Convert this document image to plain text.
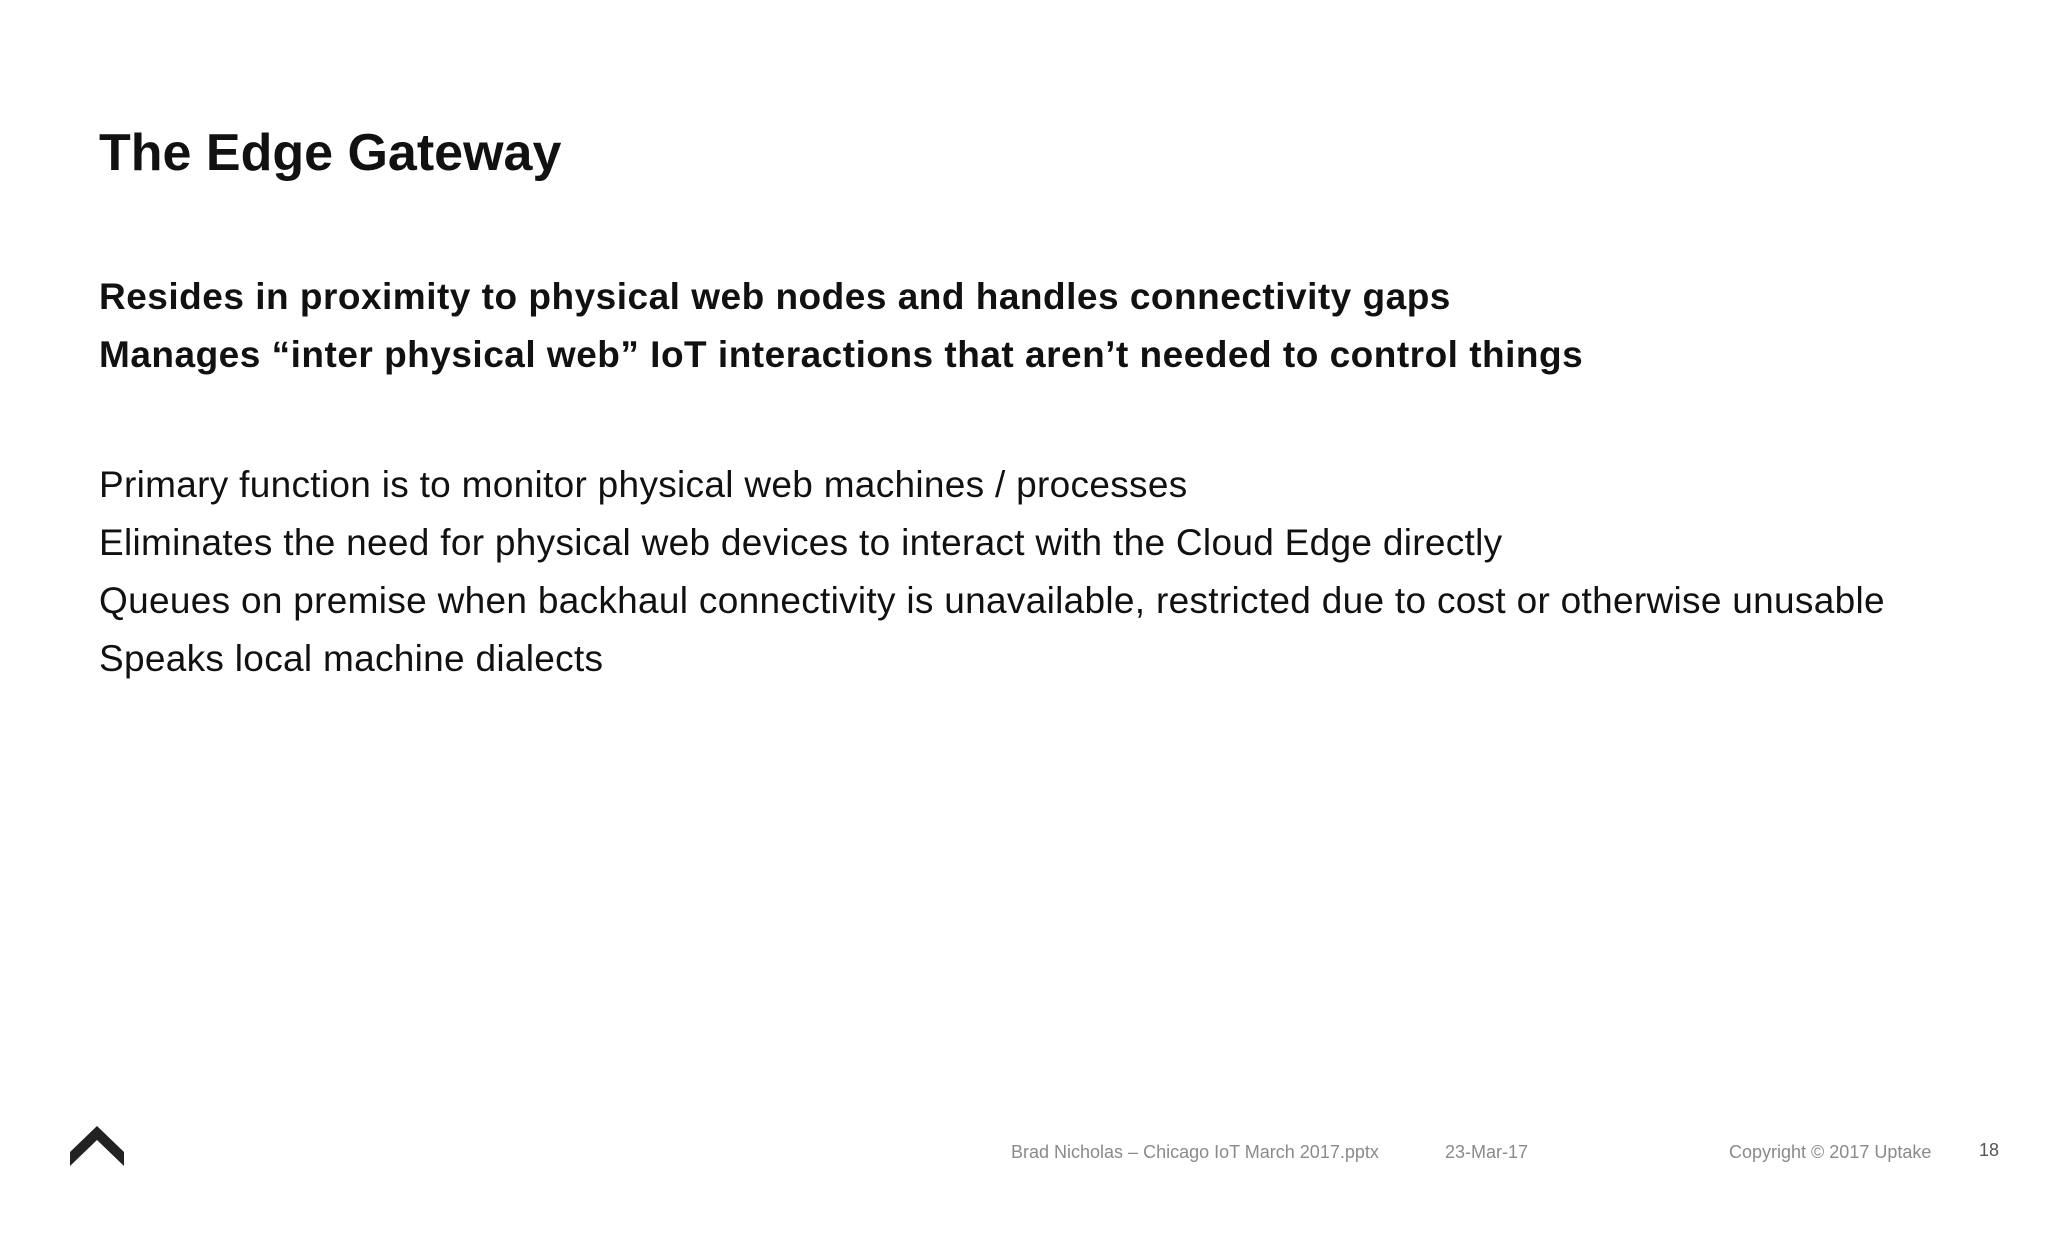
The Edge Gateway
Resides in proximity to physical web nodes and handles connectivity gaps
Manages “inter physical web” IoT interactions that aren’t needed to control things
Primary function is to monitor physical web machines / processes
Eliminates the need for physical web devices to interact with the Cloud Edge directly
Queues on premise when backhaul connectivity is unavailable, restricted due to cost or otherwise unusable
Speaks local machine dialects
Brad Nicholas – Chicago IoT March 2017.pptx	23-Mar-17	Copyright © 2017 Uptake	18
